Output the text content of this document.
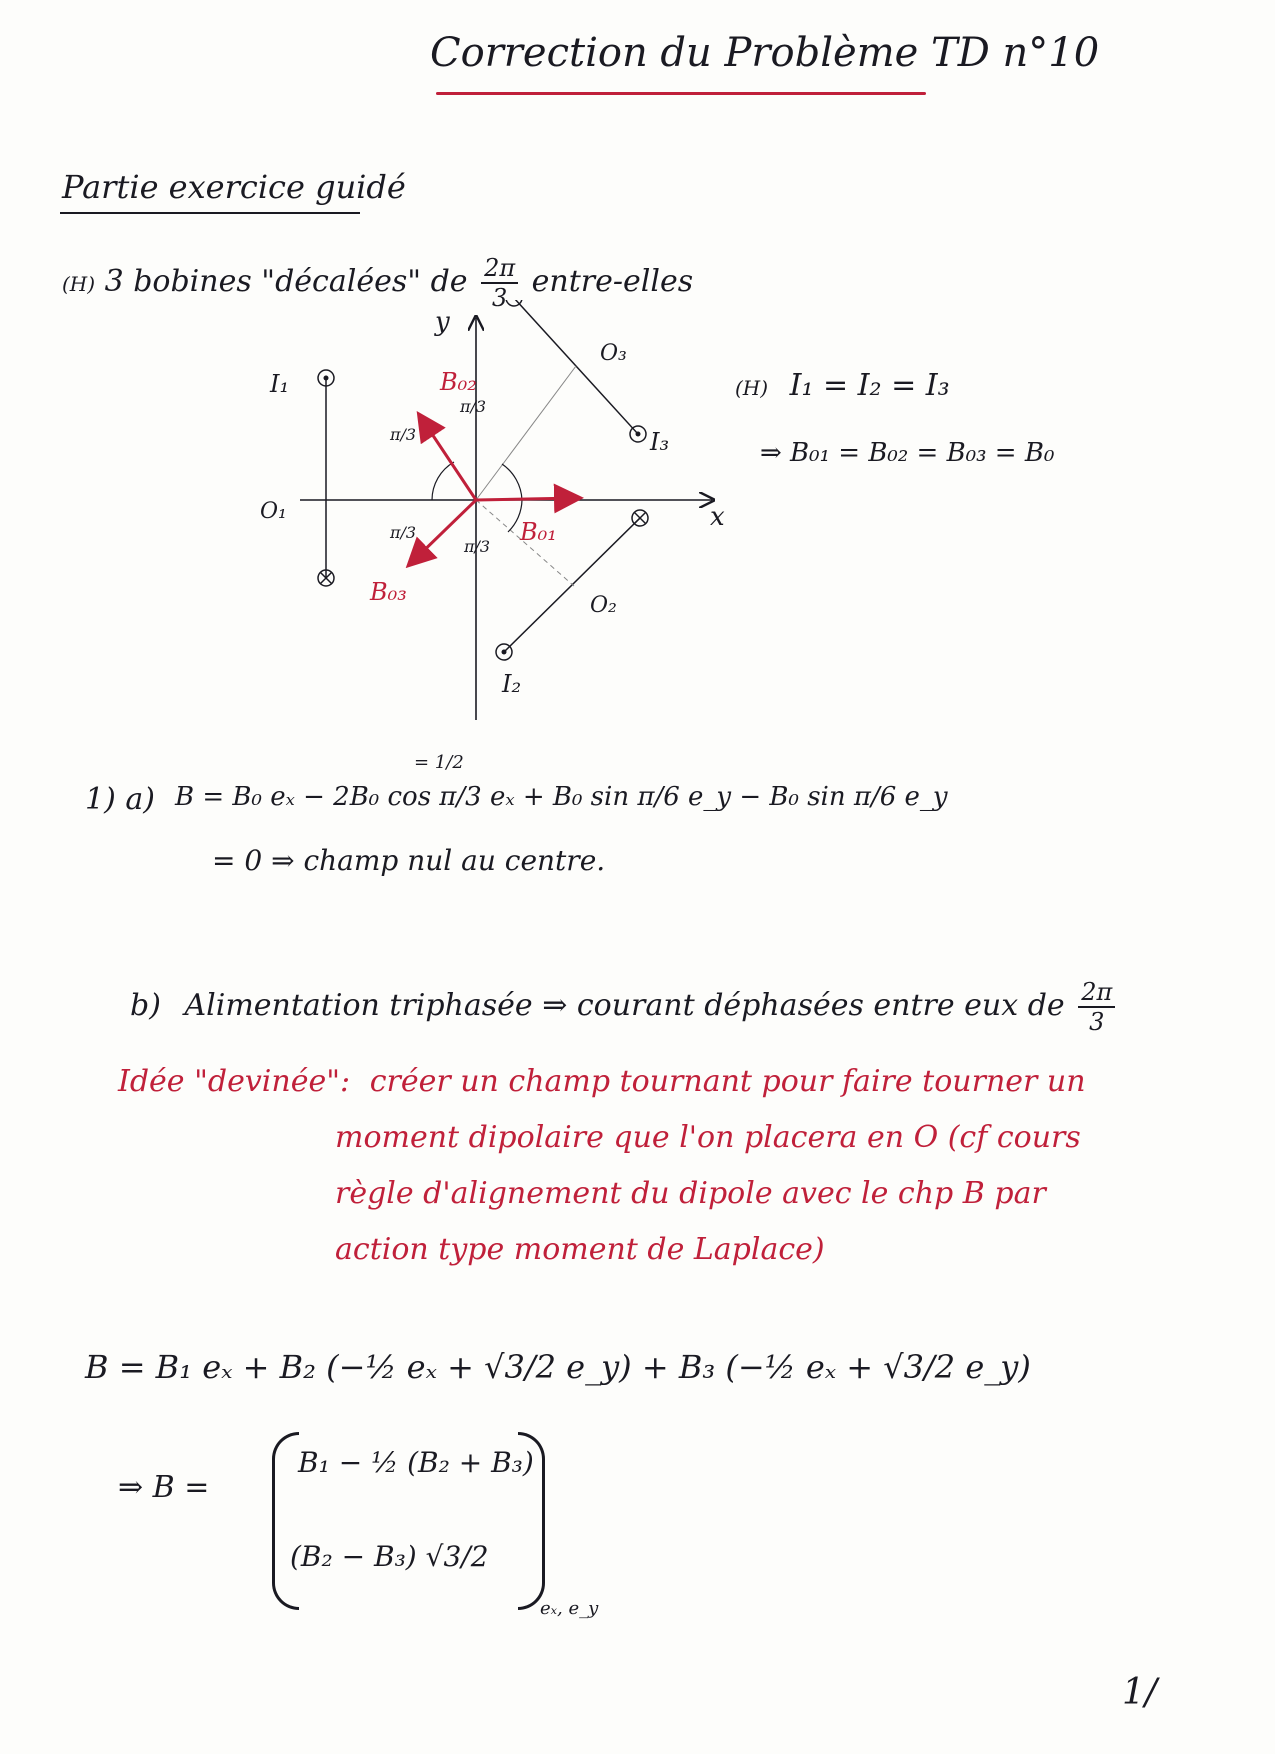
Correction du Problème TD n°10
Partie exercice guidé
(H) 3 bobines "décalées" de $\frac{2\pi}{3}$ entre-elles
y
x
I₁
O₁
I₃
O₃
I₂
O₂
π/3
π/3
π/3
π/3
B₀₁
B₀₂
B₀₃
(H) I₁ = I₂ = I₃
⇒ B₀₁ = B₀₂ = B₀₃ = B₀
= 1/2
1) a) B = B₀ eₓ − 2B₀ cos π/3 eₓ + B₀ sin π/6 e_y − B₀ sin π/6 e_y
= 0 ⇒ champ nul au centre.
b) Alimentation triphasée ⇒ courant déphasées entre eux de $\frac{2\pi}{3}$
Idée "devinée": créer un champ tournant pour faire tourner un
moment dipolaire que l'on placera en O (cf cours
règle d'alignement du dipole avec le chp B par
action type moment de Laplace)
B = B₁ eₓ + B₂ (−½ eₓ + √3/2 e_y) + B₃ (−½ eₓ + √3/2 e_y)
⇒ B =
B₁ − ½ (B₂ + B₃)
(B₂ − B₃) √3/2
eₓ, e_y
1/
